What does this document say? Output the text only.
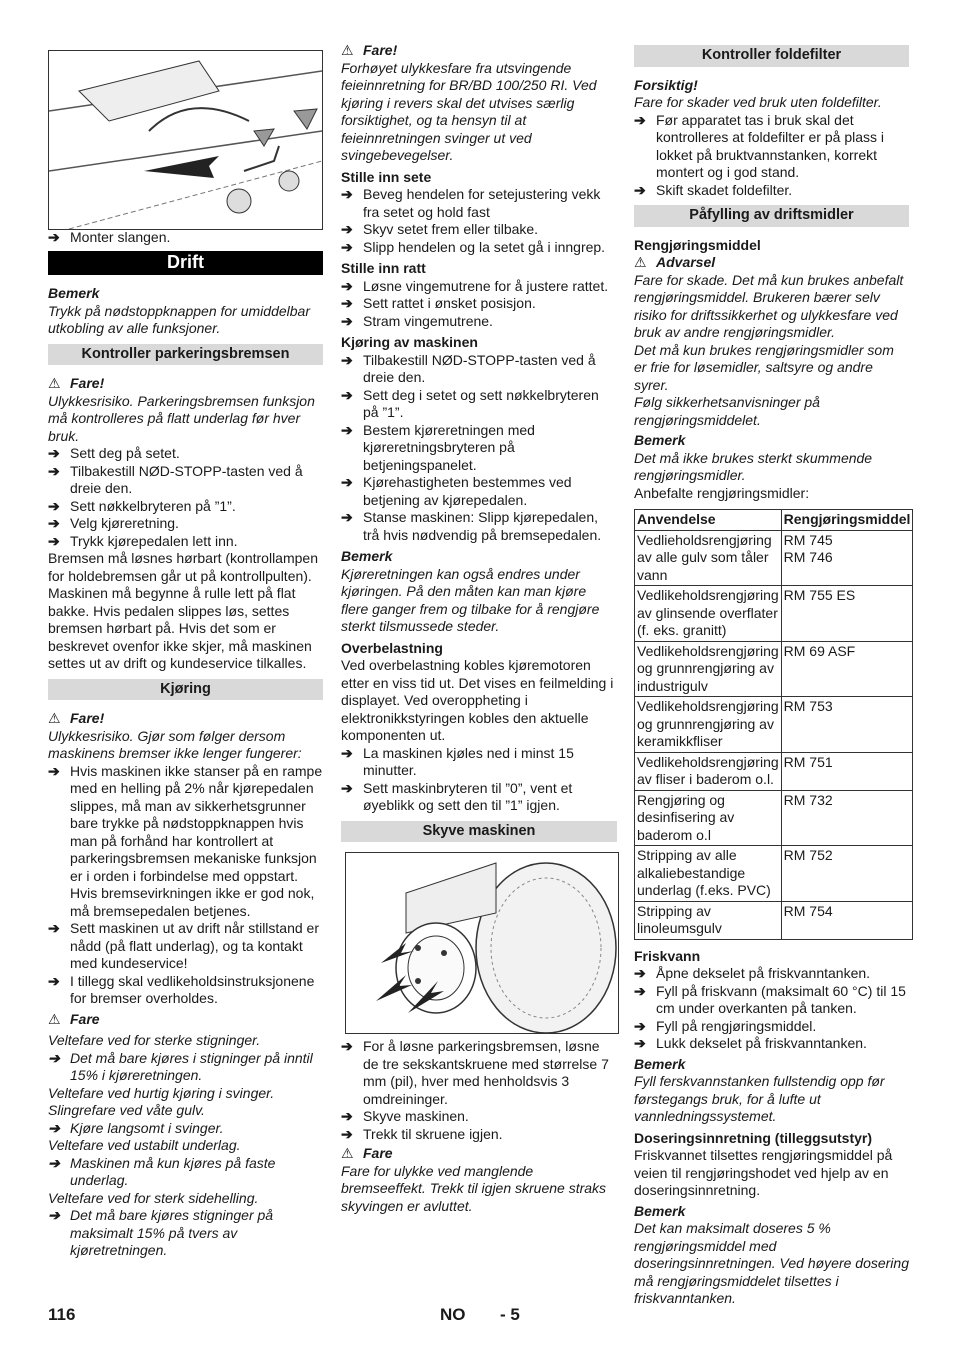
➔ Monter slangen.
Drift
Bemerk
Trykk på nødstoppknappen for umiddelbar utkobling av alle funksjoner.
Kontroller parkeringsbremsen
⚠ Fare!
Ulykkesrisiko. Parkeringsbremsen funksjon må kontrolleres på flatt underlag før hver bruk.
➔ Sett deg på setet.
➔ Tilbakestill NØD-STOPP-tasten ved å dreie den.
➔ Sett nøkkelbryteren på ”1”.
➔ Velg kjøreretning.
➔ Trykk kjørepedalen lett inn.
Bremsen må løsnes hørbart (kontrollampen for holdebremsen går ut på kontrollpulten). Maskinen må begynne å rulle lett på flat bakke. Hvis pedalen slippes løs, settes bremsen hørbart på. Hvis det som er beskrevet ovenfor ikke skjer, må maskinen settes ut av drift og kundeservice tilkalles.
Kjøring
⚠ Fare!
Ulykkesrisiko. Gjør som følger dersom maskinens bremser ikke lenger fungerer:
➔ Hvis maskinen ikke stanser på en rampe med en helling på 2% når kjørepedalen slippes, må man av sikkerhetsgrunner bare trykke på nødstoppknappen hvis man på forhånd har kontrollert at parkeringsbremsen mekaniske funksjon er i orden i forbindelse med oppstart. Hvis bremsevirkningen ikke er god nok, må bremsepedalen betjenes.
➔ Sett maskinen ut av drift når stillstand er nådd (på flatt underlag), og ta kontakt med kundeservice!
➔ I tillegg skal vedlikeholdsinstruksjonene for bremser overholdes.
⚠ Fare
Veltefare ved for sterke stigninger.
➔ Det må bare kjøres i stigninger på inntil 15% i kjøreretningen.
Veltefare ved hurtig kjøring i svinger. Slingrefare ved våte gulv.
➔ Kjøre langsomt i svinger.
Veltefare ved ustabilt underlag.
➔ Maskinen må kun kjøres på faste underlag.
Veltefare ved for sterk sidehelling.
➔ Det må bare kjøres stigninger på maksimalt 15% på tvers av kjøretretningen.
⚠ Fare!
Forhøyet ulykkesfare fra utsvingende feieinnretning for BR/BD 100/250 RI. Ved kjøring i revers skal det utvises særlig forsiktighet, og ta hensyn til at feieinnretningen svinger ut ved svingebevegelser.
Stille inn sete
➔ Beveg hendelen for setejustering vekk fra setet og hold fast
➔ Skyv setet frem eller tilbake.
➔ Slipp hendelen og la setet gå i inngrep.
Stille inn ratt
➔ Løsne vingemutrene for å justere rattet.
➔ Sett rattet i ønsket posisjon.
➔ Stram vingemutrene.
Kjøring av maskinen
➔ Tilbakestill NØD-STOPP-tasten ved å dreie den.
➔ Sett deg i setet og sett nøkkelbryteren på ”1”.
➔ Bestem kjøreretningen med kjøreretningsbryteren på betjeningspanelet.
➔ Kjørehastigheten bestemmes ved betjening av kjørepedalen.
➔ Stanse maskinen: Slipp kjørepedalen, trå hvis nødvendig på bremsepedalen.
Bemerk
Kjøreretningen kan også endres under kjøringen. På den måten kan man kjøre flere ganger frem og tilbake for å rengjøre sterkt tilsmussede steder.
Overbelastning
Ved overbelastning kobles kjøremotoren etter en viss tid ut. Det vises en feilmelding i displayet. Ved overoppheting i elektronikkstyringen kobles den aktuelle komponenten ut.
➔ La maskinen kjøles ned i minst 15 minutter.
➔ Sett maskinbryteren til ”0”, vent et øyeblikk og sett den til ”1” igjen.
Skyve maskinen
➔ For å løsne parkeringsbremsen, løsne de tre sekskantskruene med størrelse 7 mm (pil), hver med henholdsvis 3 omdreininger.
➔ Skyve maskinen.
➔ Trekk til skruene igjen.
⚠ Fare
Fare for ulykke ved manglende bremseeffekt. Trekk til igjen skruene straks skyvingen er avluttet.
Kontroller foldefilter
Forsiktig!
Fare for skader ved bruk uten foldefilter.
➔ Før apparatet tas i bruk skal det kontrolleres at foldefilter er på plass i lokket på bruktvannstanken, korrekt montert og i god stand.
➔ Skift skadet foldefilter.
Påfylling av driftsmidler
Rengjøringsmiddel
⚠ Advarsel
Fare for skade. Det må kun brukes anbefalt rengjøringsmiddel. Brukeren bærer selv risiko for driftssikkerhet og ulykkesfare ved bruk av andre rengjøringsmidler.
Det må kun brukes rengjøringsmidler som er frie for løsemidler, saltsyre og andre syrer.
Følg sikkerhetsanvisninger på rengjøringsmiddelet.
Bemerk
Det må ikke brukes sterkt skummende rengjøringsmidler.
Anbefalte rengjøringsmidler:
Anvendelse	Rengjøringsmiddel
Vedlieholdsrengjøring av alle gulv som tåler vann	RM 745
RM 746
Vedlikeholdsrengjøring av glinsende overflater (f. eks. granitt)	RM 755 ES
Vedlikeholdsrengjøring og grunnrengjøring av industrigulv	RM 69 ASF
Vedlikeholdsrengjøring og grunnrengjøring av keramikkfliser	RM 753
Vedlikeholdsrengjøring av fliser i baderom o.l.	RM 751
Rengjøring og desinfisering av baderom o.l	RM 732
Stripping av alle alkaliebestandige underlag (f.eks. PVC)	RM 752
Stripping av linoleumsgulv	RM 754
Friskvann
➔ Åpne dekselet på friskvanntanken.
➔ Fyll på friskvann (maksimalt 60 °C) til 15 cm under overkanten på tanken.
➔ Fyll på rengjøringsmiddel.
➔ Lukk dekselet på friskvanntanken.
Bemerk
Fyll ferskvannstanken fullstendig opp før førstegangs bruk, for å lufte ut vannledningssystemet.
Doseringsinnretning (tilleggsutstyr)
Friskvannet tilsettes rengjøringsmiddel på veien til rengjøringshodet ved hjelp av en doseringsinnretning.
Bemerk
Det kan maksimalt doseres 5 % rengjøringsmiddel med doseringsinnretningen. Ved høyere dosering må rengjøringsmiddelet tilsettes i friskvanntanken.
116	NO - 5
